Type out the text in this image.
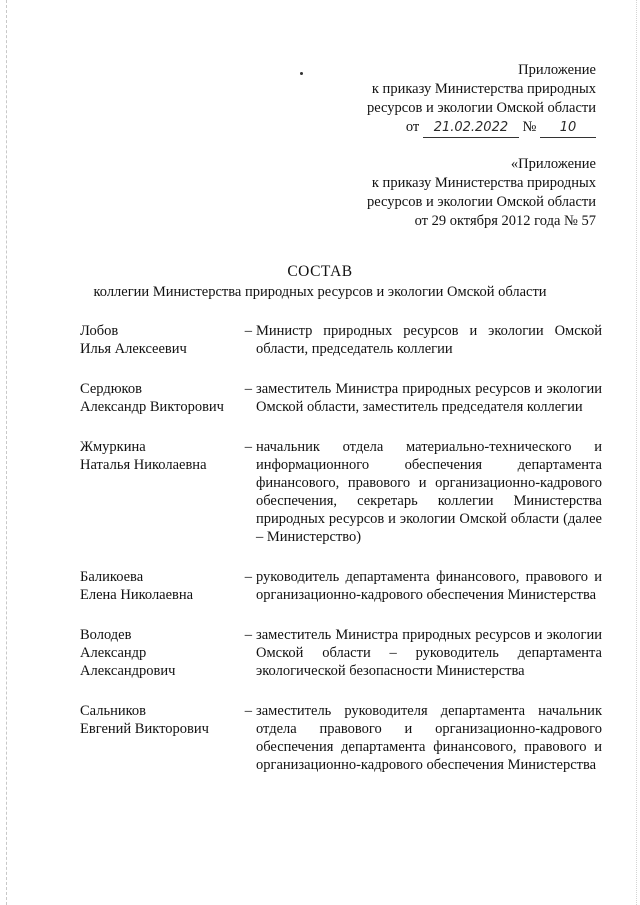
Приложение
к приказу Министерства природных
ресурсов и экологии Омской области
от 21.02.2022 № 10
«Приложение
к приказу Министерства природных
ресурсов и экологии Омской области
от 29 октября 2012 года № 57
СОСТАВ
коллегии Министерства природных ресурсов и экологии Омской области
Лобов
Илья Алексеевич
– Министр природных ресурсов и экологии Омской области, председатель коллегии
Сердюков
Александр Викторович
– заместитель Министра природных ресурсов и экологии Омской области, заместитель председателя коллегии
Жмуркина
Наталья Николаевна
– начальник отдела материально-технического и информационного обеспечения департамента финансового, правового и организационно-кадрового обеспечения, секретарь коллегии Министерства природных ресурсов и экологии Омской области (далее – Министерство)
Баликоева
Елена Николаевна
– руководитель департамента финансового, правового и организационно-кадрового обеспечения Министерства
Володев
Александр
Александрович
– заместитель Министра природных ресурсов и экологии Омской области – руководитель департамента экологической безопасности Министерства
Сальников
Евгений Викторович
– заместитель руководителя департамента начальник отдела правового и организационно-кадрового обеспечения департамента финансового, правового и организационно-кадрового обеспечения Министерства
